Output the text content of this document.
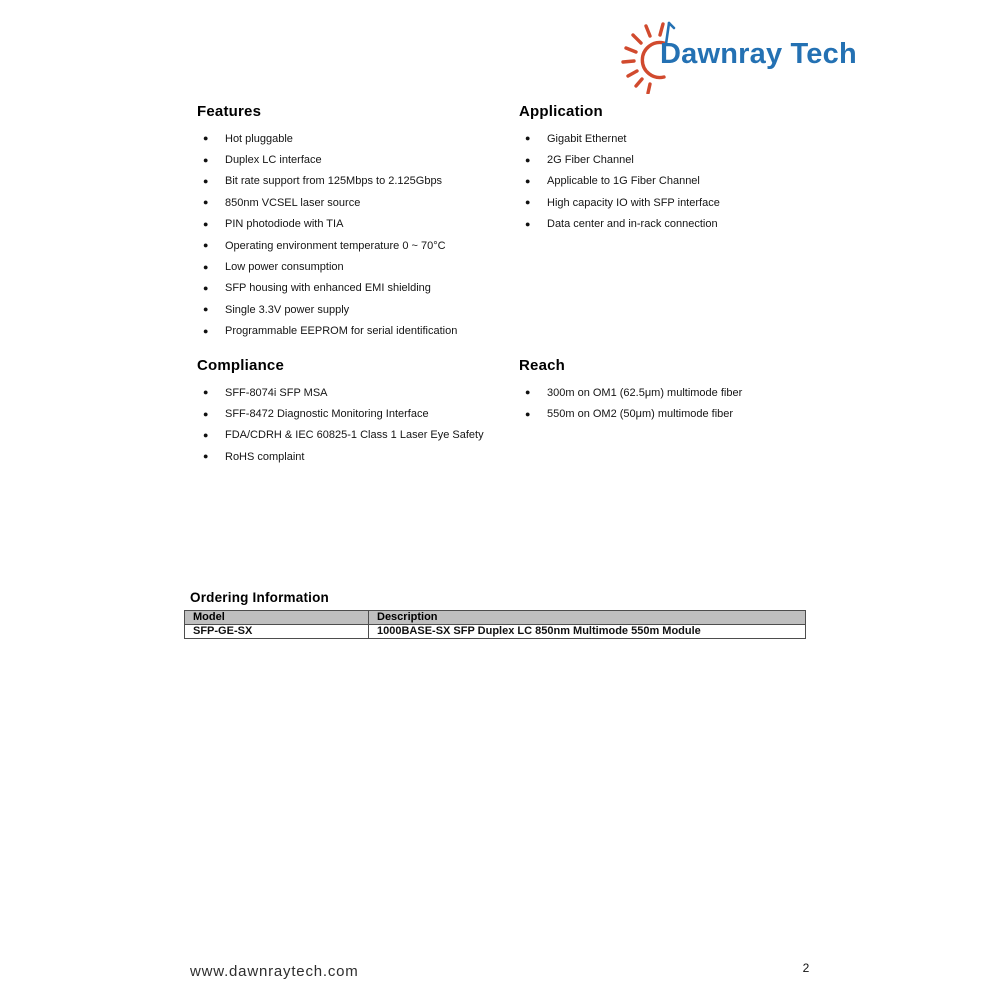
Dawnray Tech
Features
●	Hot pluggable
●	Duplex LC interface
●	Bit rate support from 125Mbps to 2.125Gbps
●	850nm VCSEL laser source
●	PIN photodiode with TIA
●	Operating environment temperature 0 ~ 70°C
●	Low power consumption
●	SFP housing with enhanced EMI shielding
●	Single 3.3V power supply
●	Programmable EEPROM for serial identification
Application
●	Gigabit Ethernet
●	2G Fiber Channel
●	Applicable to 1G Fiber Channel
●	High capacity IO with SFP interface
●	Data center and in-rack connection
Compliance
●	SFF-8074i SFP MSA
●	SFF-8472 Diagnostic Monitoring Interface
●	FDA/CDRH & IEC 60825-1 Class 1 Laser Eye Safety
●	RoHS complaint
Reach
●	300m on OM1 (62.5μm) multimode fiber
●	550m on OM2 (50μm) multimode fiber
Ordering Information
Model	Description
SFP-GE-SX	1000BASE-SX SFP Duplex LC 850nm Multimode 550m Module
www.dawnraytech.com	2
